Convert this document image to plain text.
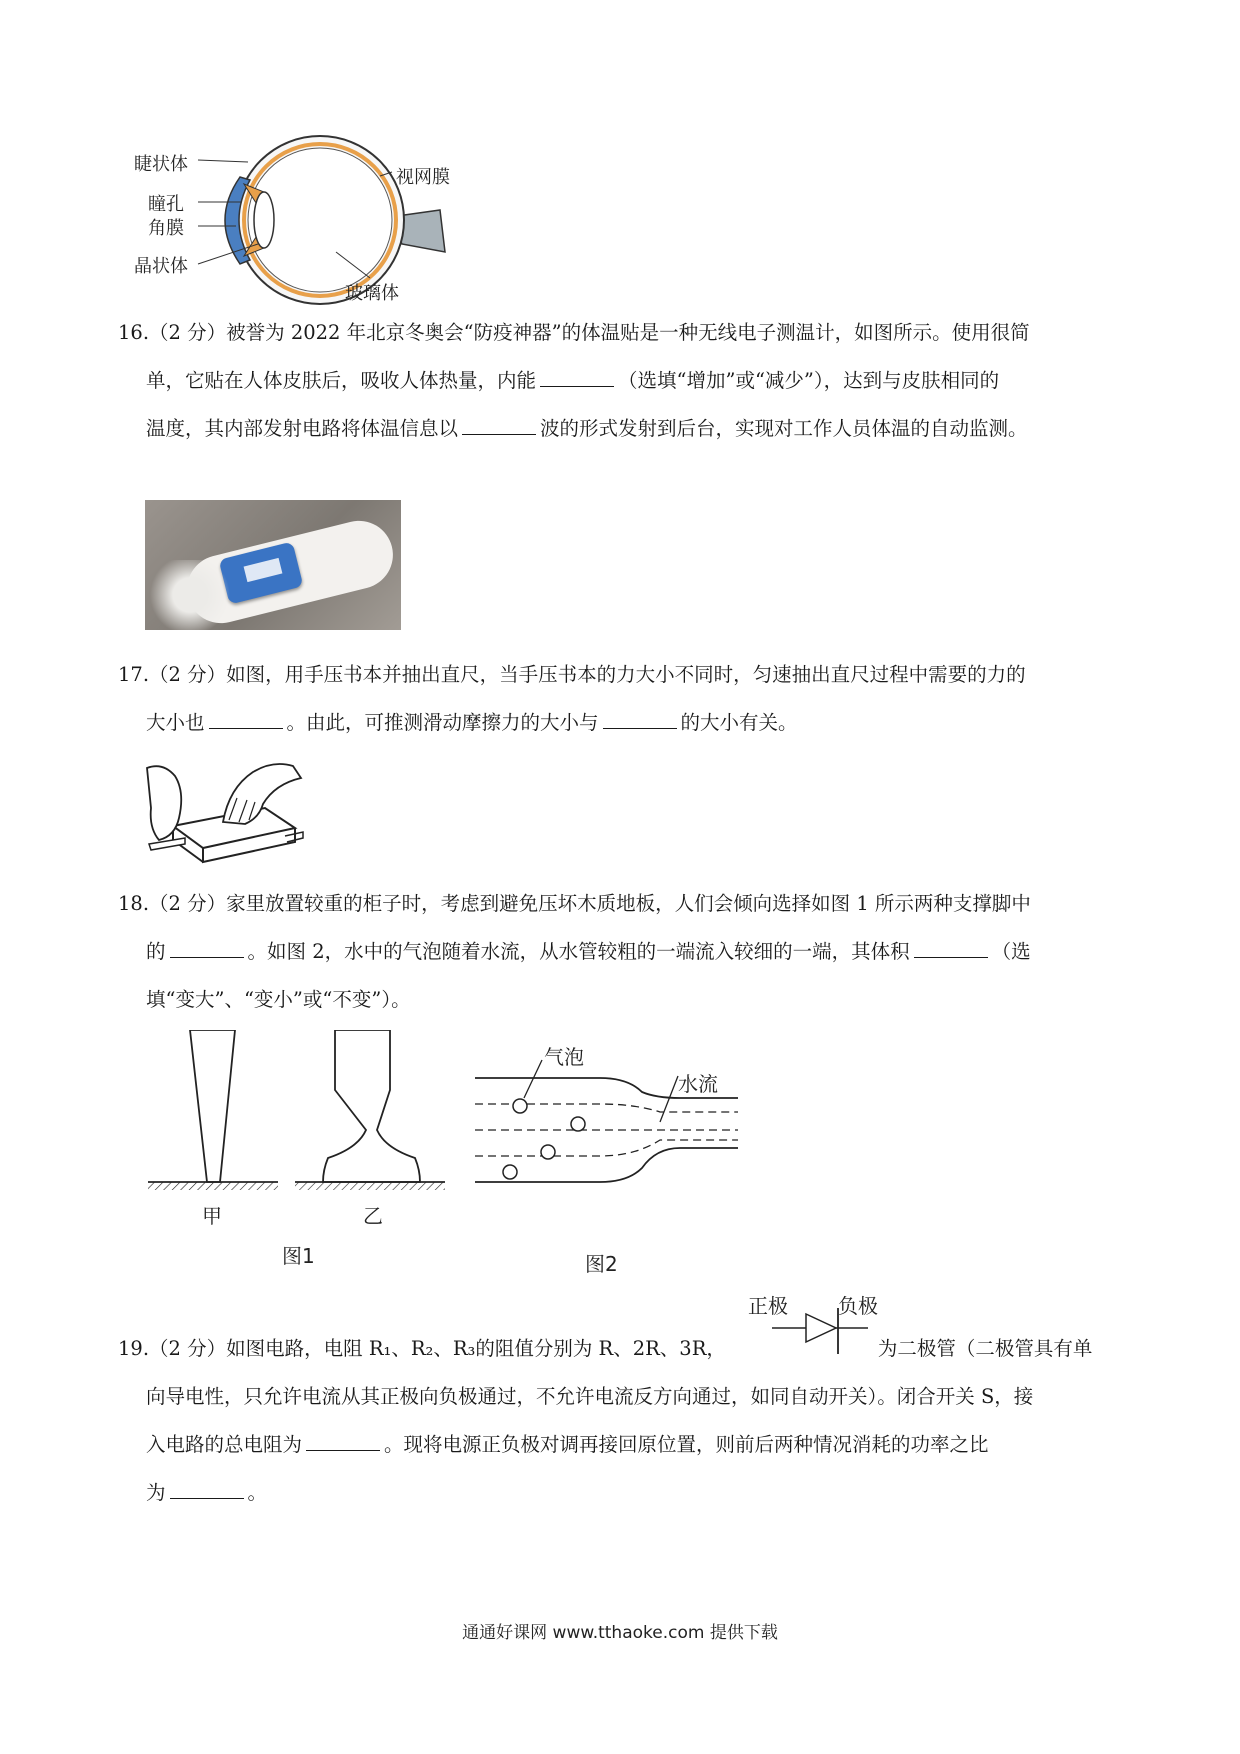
睫状体
瞳孔
角膜
晶状体
视网膜
玻璃体

16.（2 分）被誉为 2022 年北京冬奥会“防疫神器”的体温贴是一种无线电子测温计，如图所示。使用很简

单，它贴在人体皮肤后，吸收人体热量，内能	（选填“增加”或“减少”），达到与皮肤相同的

温度，其内部发射电路将体温信息以	波的形式发射到后台，实现对工作人员体温的自动监测。

17.（2 分）如图，用手压书本并抽出直尺，当手压书本的力大小不同时，匀速抽出直尺过程中需要的力的

大小也	。由此，可推测滑动摩擦力的大小与	的大小有关。

18.（2 分）家里放置较重的柜子时，考虑到避免压坏木质地板，人们会倾向选择如图 1 所示两种支撑脚中

的	。如图 2，水中的气泡随着水流，从水管较粗的一端流入较细的一端，其体积	（选

填“变大”、“变小”或“不变”）。

甲	乙
图1
气泡
水流
图2
正极	负极

19.（2 分）如图电路，电阻 R₁、R₂、R₃的阻值分别为 R、2R、3R，	为二极管（二极管具有单

向导电性，只允许电流从其正极向负极通过，不允许电流反方向通过，如同自动开关）。闭合开关 S，接

入电路的总电阻为	。现将电源正负极对调再接回原位置，则前后两种情况消耗的功率之比

为	。

通通好课网 www.tthaoke.com 提供下载
